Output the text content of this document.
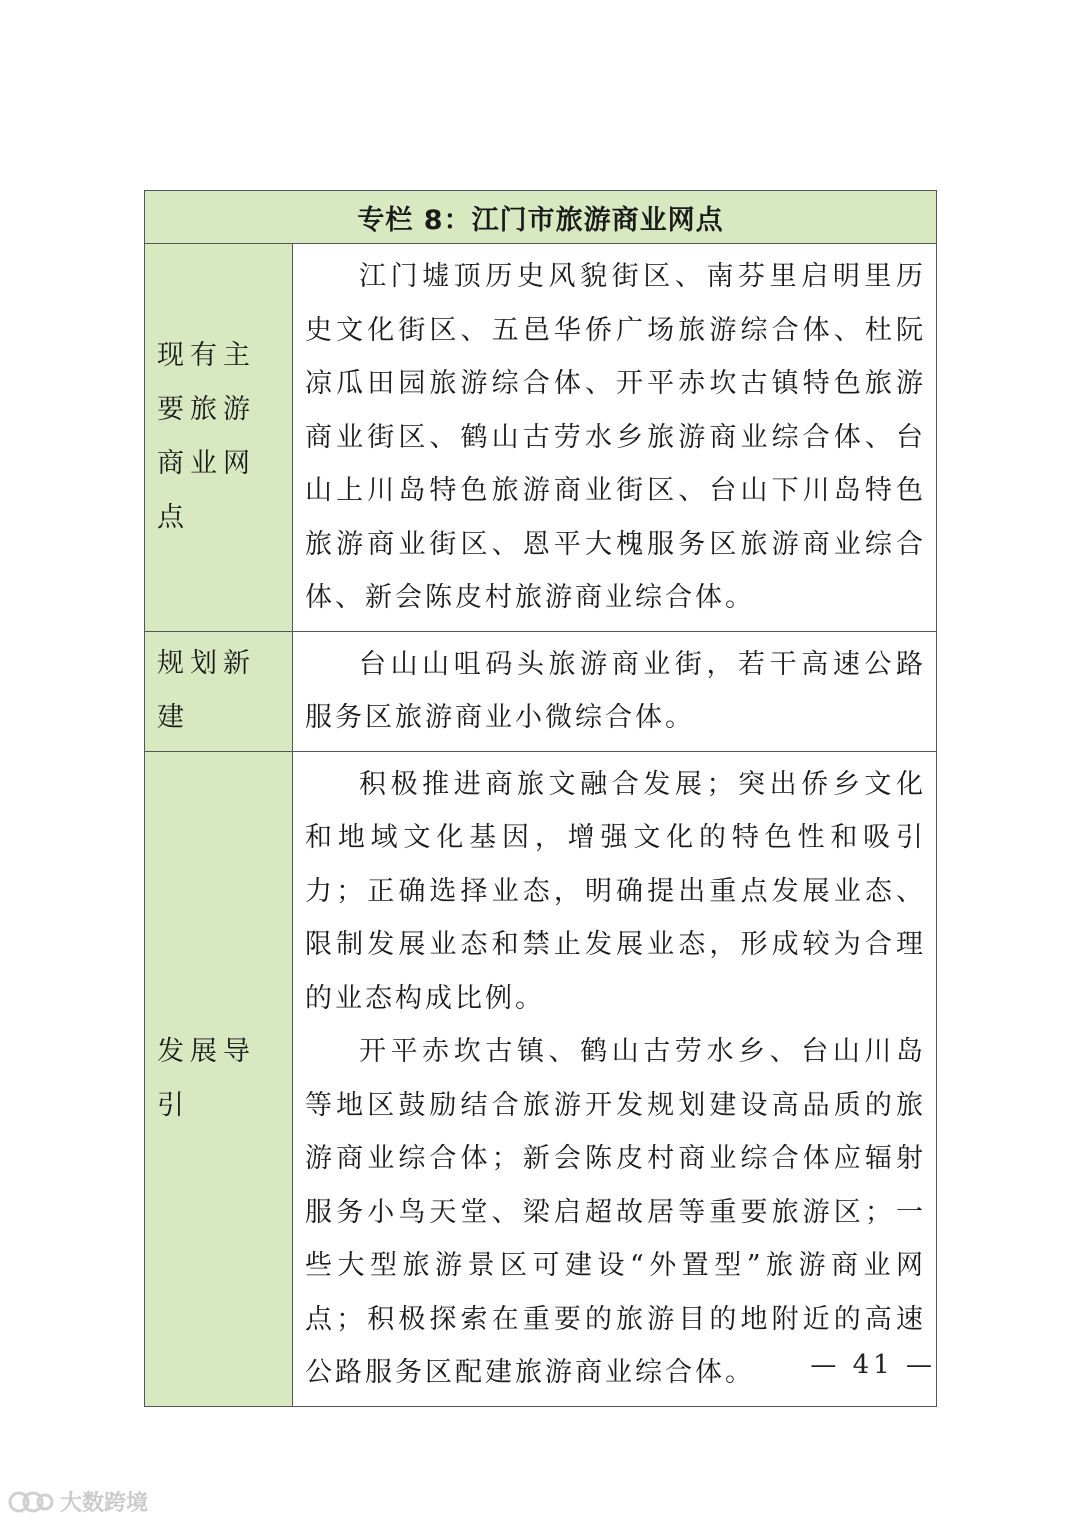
专栏 8：江门市旅游商业网点	
现有主要旅游商业网点	江门墟顶历史风貌街区、南芬里启明里历史文化街区、五邑华侨广场旅游综合体、杜阮凉瓜田园旅游综合体、开平赤坎古镇特色旅游商业街区、鹤山古劳水乡旅游商业综合体、台山上川岛特色旅游商业街区、台山下川岛特色旅游商业街区、恩平大槐服务区旅游商业综合体、新会陈皮村旅游商业综合体。

规划新建	台山山咀码头旅游商业街，若干高速公路服务区旅游商业小微综合体。

发展导引	积极推进商旅文融合发展；突出侨乡文化和地域文化基因，增强文化的特色性和吸引力；正确选择业态，明确提出重点发展业态、限制发展业态和禁止发展业态，形成较为合理的业态构成比例。

开平赤坎古镇、鹤山古劳水乡、台山川岛等地区鼓励结合旅游开发规划建设高品质的旅游商业综合体；新会陈皮村商业综合体应辐射服务小鸟天堂、梁启超故居等重要旅游区；一些大型旅游景区可建设“外置型”旅游商业网点；积极探索在重要的旅游目的地附近的高速公路服务区配建旅游商业综合体。	— 41 —
大数跨境
